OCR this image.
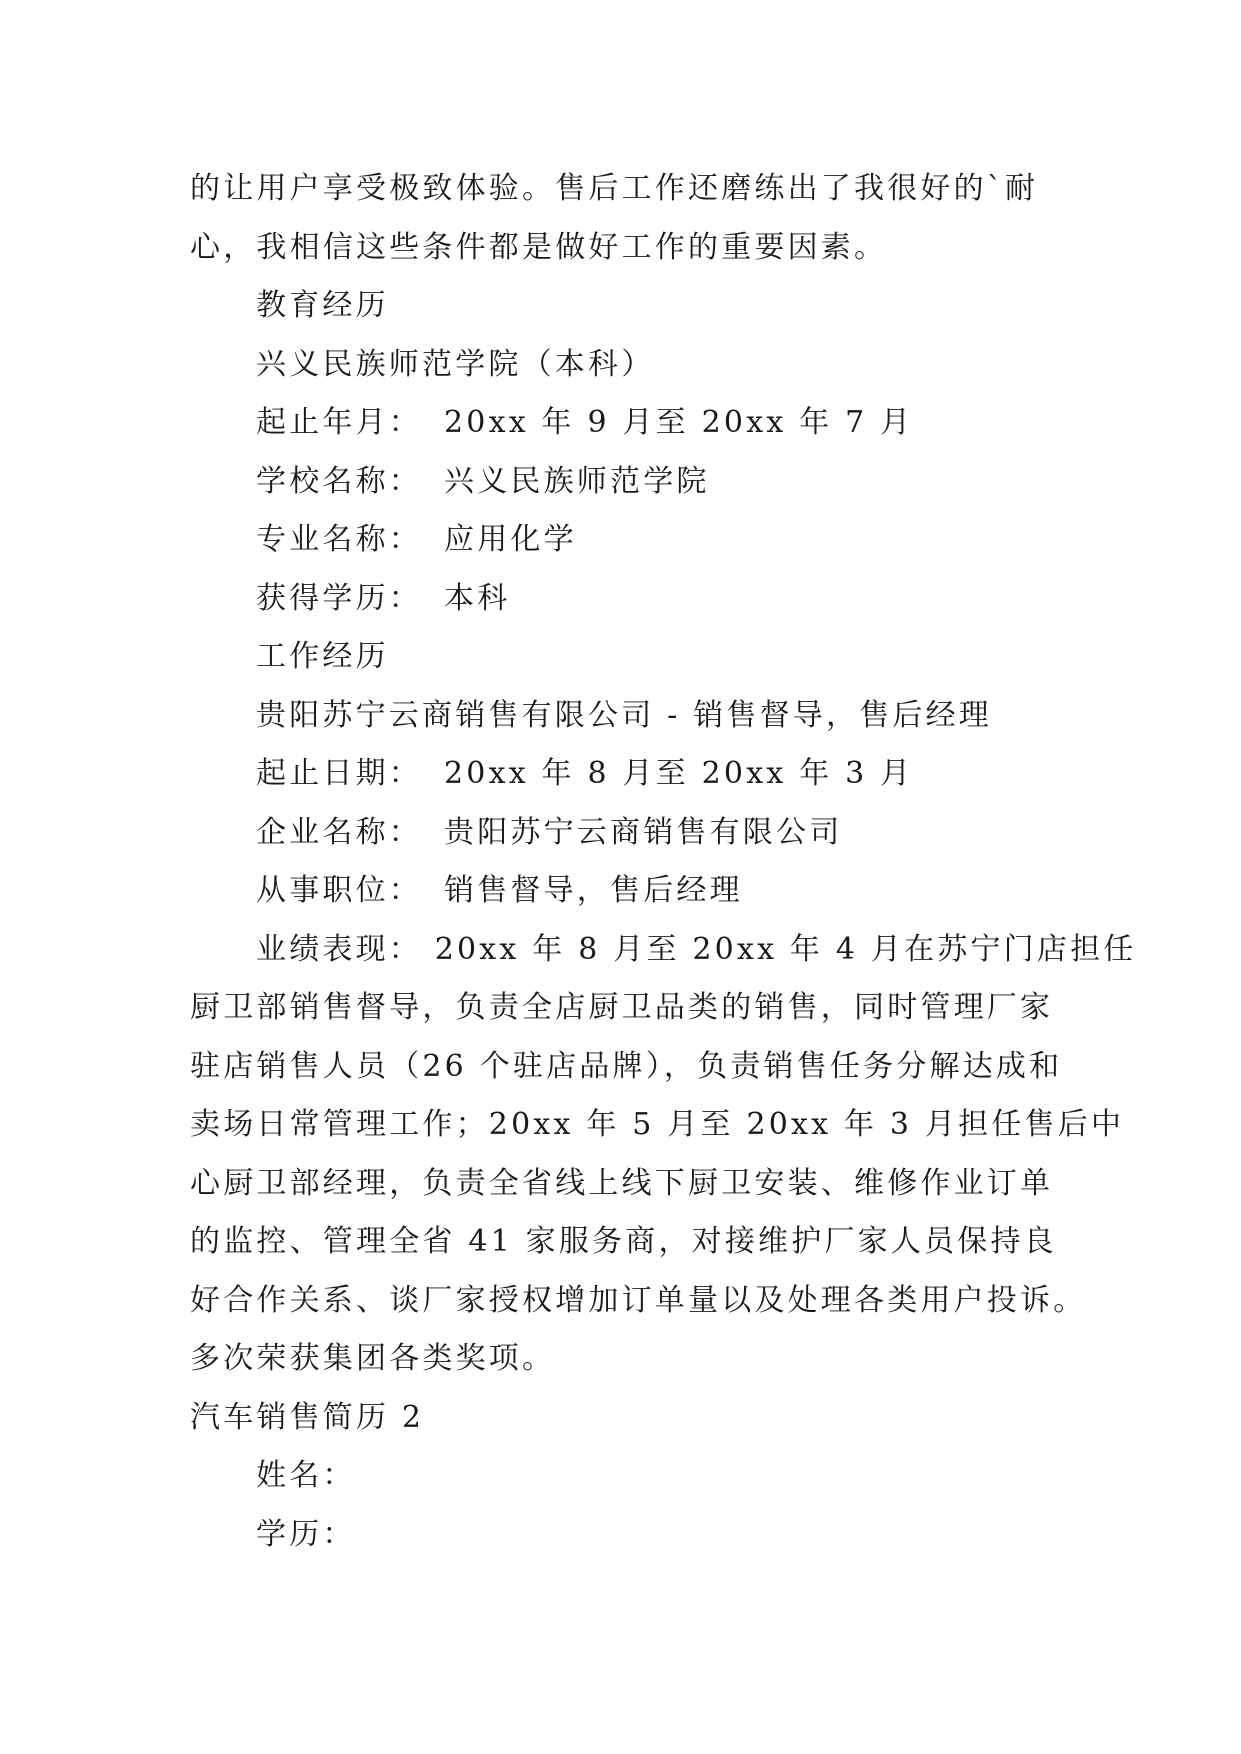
的让用户享受极致体验。售后工作还磨练出了我很好的`耐
心，我相信这些条件都是做好工作的重要因素。
教育经历
兴义民族师范学院（本科）
起止年月： 20xx 年 9 月至 20xx 年 7 月
学校名称： 兴义民族师范学院
专业名称： 应用化学
获得学历： 本科
工作经历
贵阳苏宁云商销售有限公司 - 销售督导，售后经理
起止日期： 20xx 年 8 月至 20xx 年 3 月
企业名称： 贵阳苏宁云商销售有限公司
从事职位： 销售督导，售后经理
业绩表现： 20xx 年 8 月至 20xx 年 4 月在苏宁门店担任
厨卫部销售督导，负责全店厨卫品类的销售，同时管理厂家
驻店销售人员（26 个驻店品牌），负责销售任务分解达成和
卖场日常管理工作；20xx 年 5 月至 20xx 年 3 月担任售后中
心厨卫部经理，负责全省线上线下厨卫安装、维修作业订单
的监控、管理全省 41 家服务商，对接维护厂家人员保持良
好合作关系、谈厂家授权增加订单量以及处理各类用户投诉。
多次荣获集团各类奖项。
汽车销售简历 2
姓名：
学历：
